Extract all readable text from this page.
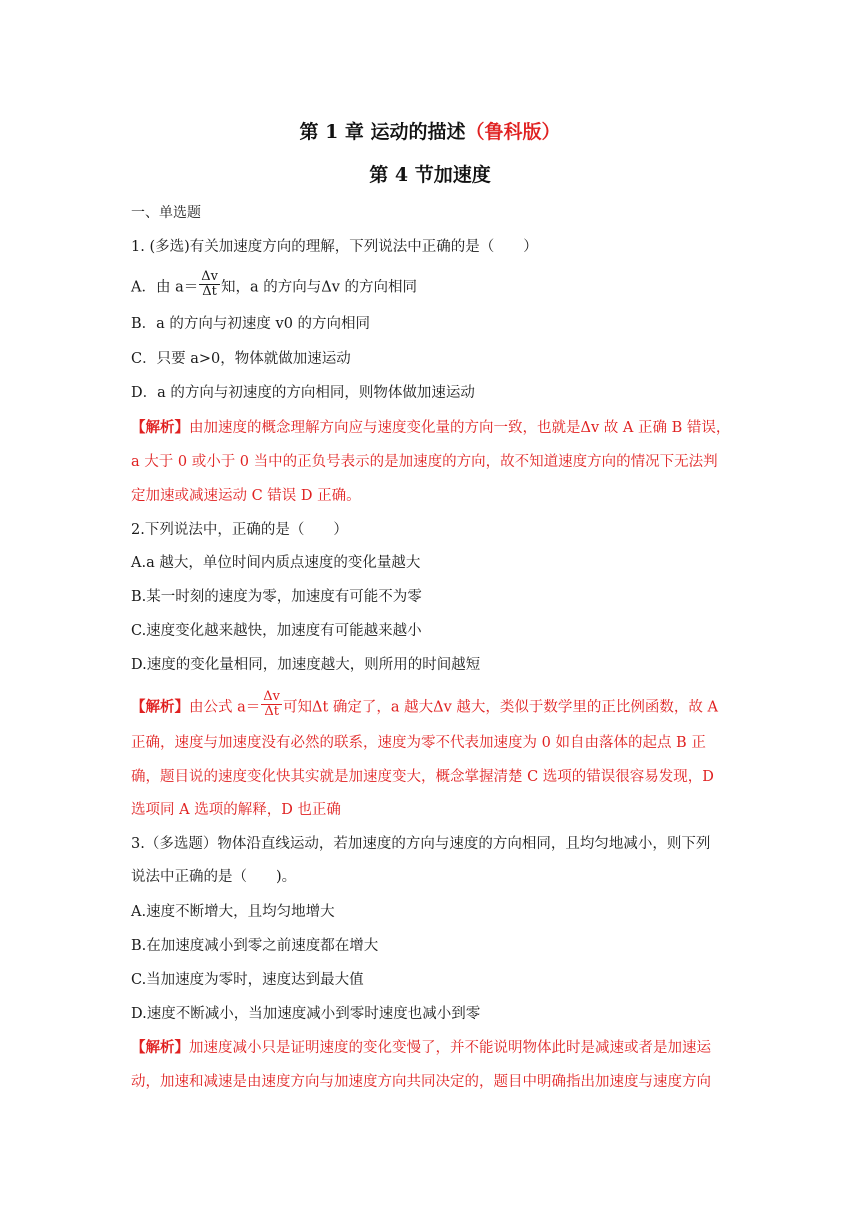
第 1 章 运动的描述（鲁科版）
第 4 节加速度
一、单选题
1. (多选)有关加速度方向的理解，下列说法中正确的是（　　）
A．由 $a= \frac{\Delta v}{\Delta t}$ 知，a 的方向与Δv 的方向相同
B．a 的方向与初速度 v0 的方向相同
C．只要 a>0，物体就做加速运动
D．a 的方向与初速度的方向相同，则物体做加速运动
【解析】由加速度的概念理解方向应与速度变化量的方向一致，也就是Δv 故 A 正确 B 错误，
a 大于 0 或小于 0 当中的正负号表示的是加速度的方向，故不知道速度方向的情况下无法判
定加速或减速运动 C 错误 D 正确。
2.下列说法中，正确的是（　　）
A.a 越大，单位时间内质点速度的变化量越大
B.某一时刻的速度为零，加速度有可能不为零
C.速度变化越来越快，加速度有可能越来越小
D.速度的变化量相同，加速度越大，则所用的时间越短
【解析】由公式 $a= \frac{\Delta v}{\Delta t}$ 可知Δt 确定了，a 越大Δv 越大，类似于数学里的正比例函数，故 A
正确，速度与加速度没有必然的联系，速度为零不代表加速度为 0 如自由落体的起点 B 正
确，题目说的速度变化快其实就是加速度变大，概念掌握清楚 C 选项的错误很容易发现，D
选项同 A 选项的解释，D 也正确
3.（多选题）物体沿直线运动，若加速度的方向与速度的方向相同，且均匀地减小，则下列
说法中正确的是（　　)。
A.速度不断增大，且均匀地增大
B.在加速度减小到零之前速度都在增大
C.当加速度为零时，速度达到最大值
D.速度不断减小，当加速度减小到零时速度也减小到零
【解析】加速度减小只是证明速度的变化变慢了，并不能说明物体此时是减速或者是加速运
动，加速和减速是由速度方向与加速度方向共同决定的，题目中明确指出加速度与速度方向
